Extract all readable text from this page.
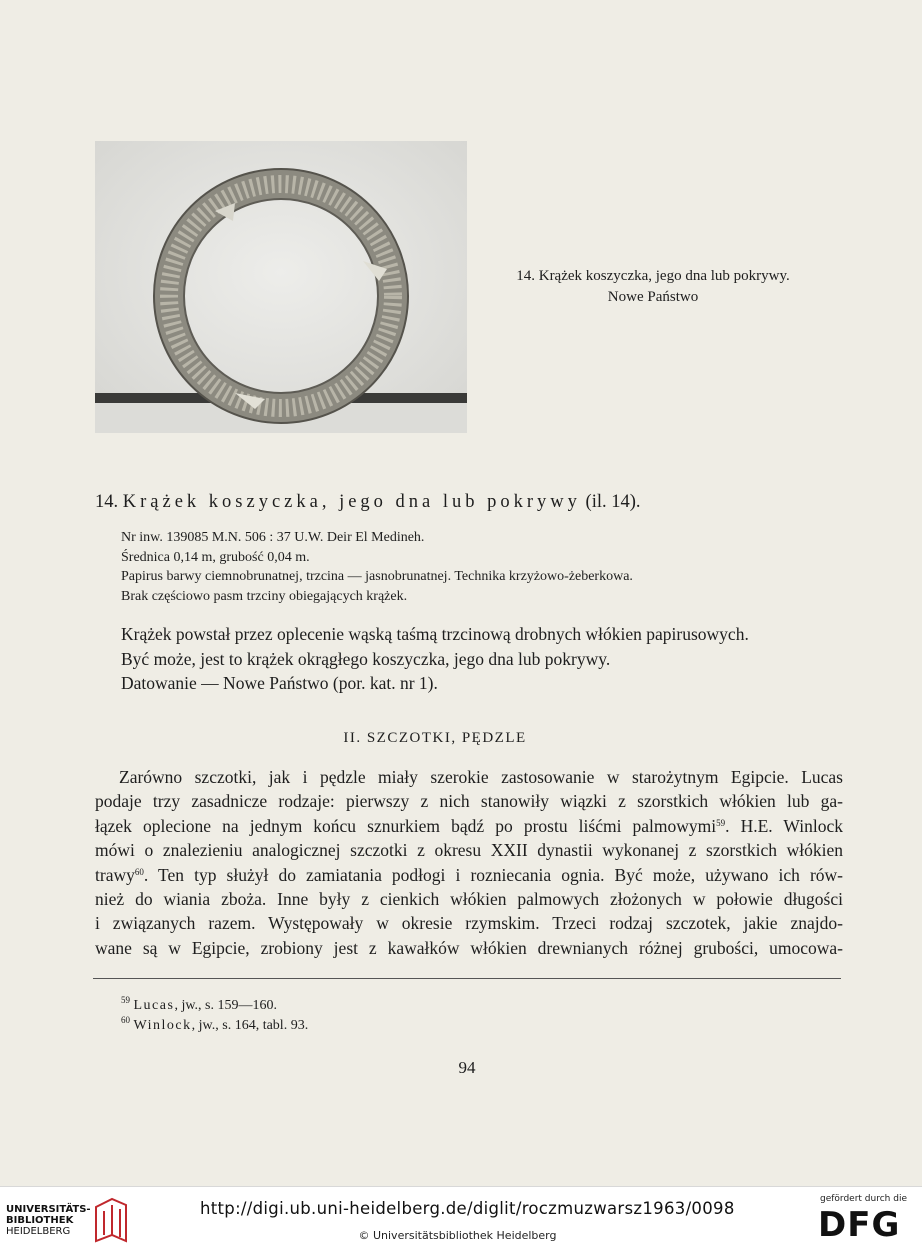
14. Krążek koszyczka, jego dna lub pokrywy.
Nowe Państwo
14. Krążek koszyczka, jego dna lub pokrywy (il. 14).
Nr inw. 139085 M.N. 506 : 37 U.W. Deir El Medineh.
Średnica 0,14 m, grubość 0,04 m.
Papirus barwy ciemnobrunatnej, trzcina — jasnobrunatnej. Technika krzyżowo-żeberkowa.
Brak częściowo pasm trzciny obiegających krążek.
Krążek powstał przez oplecenie wąską taśmą trzcinową drobnych włókien papirusowych.
Być może, jest to krążek okrągłego koszyczka, jego dna lub pokrywy.
Datowanie — Nowe Państwo (por. kat. nr 1).
II. SZCZOTKI, PĘDZLE
Zarówno szczotki, jak i pędzle miały szerokie zastosowanie w starożytnym Egipcie. Lucas
podaje trzy zasadnicze rodzaje: pierwszy z nich stanowiły wiązki z szorstkich włókien lub ga-
łązek oplecione na jednym końcu sznurkiem bądź po prostu liśćmi palmowymi$^{59}$. H.E. Winlock
mówi o znalezieniu analogicznej szczotki z okresu XXII dynastii wykonanej z szorstkich włókien
trawy$^{60}$. Ten typ służył do zamiatania podłogi i rozniecania ognia. Być może, używano ich rów-
nież do wiania zboża. Inne były z cienkich włókien palmowych złożonych w połowie długości
i związanych razem. Występowały w okresie rzymskim. Trzeci rodzaj szczotek, jakie znajdo-
wane są w Egipcie, zrobiony jest z kawałków włókien drewnianych różnej grubości, umocowa-
$^{59}$ Lucas, jw., s. 159—160.
$^{60}$ Winlock, jw., s. 164, tabl. 93.
94
UNIVERSITÄTS-
BIBLIOTHEK
HEIDELBERG
http://digi.ub.uni-heidelberg.de/diglit/roczmuzwarsz1963/0098
© Universitätsbibliothek Heidelberg
gefördert durch die
DFG
